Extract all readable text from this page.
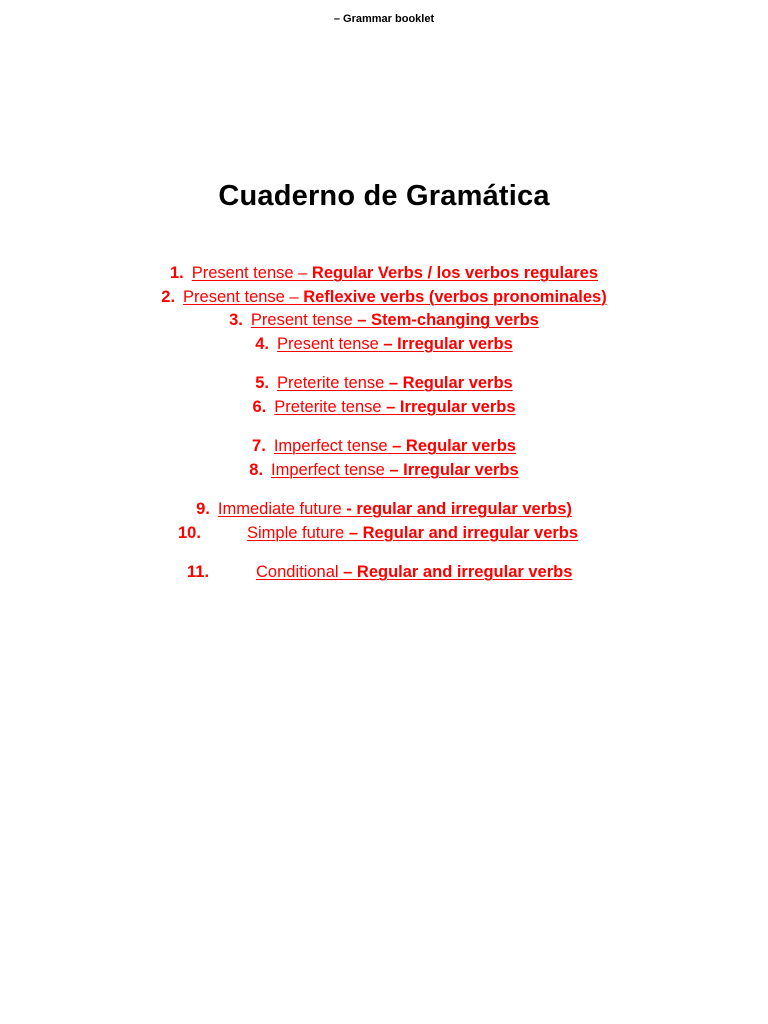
– Grammar booklet
Cuaderno de Gramática
1. Present tense – Regular Verbs / los verbos regulares
2. Present tense – Reflexive verbs (verbos pronominales)
3. Present tense – Stem-changing verbs
4. Present tense – Irregular verbs
5. Preterite tense – Regular verbs
6. Preterite tense – Irregular verbs
7. Imperfect tense – Regular verbs
8. Imperfect tense – Irregular verbs
9. Immediate future - regular and irregular verbs)
10.	Simple future – Regular and irregular verbs
11.	Conditional – Regular and irregular verbs
